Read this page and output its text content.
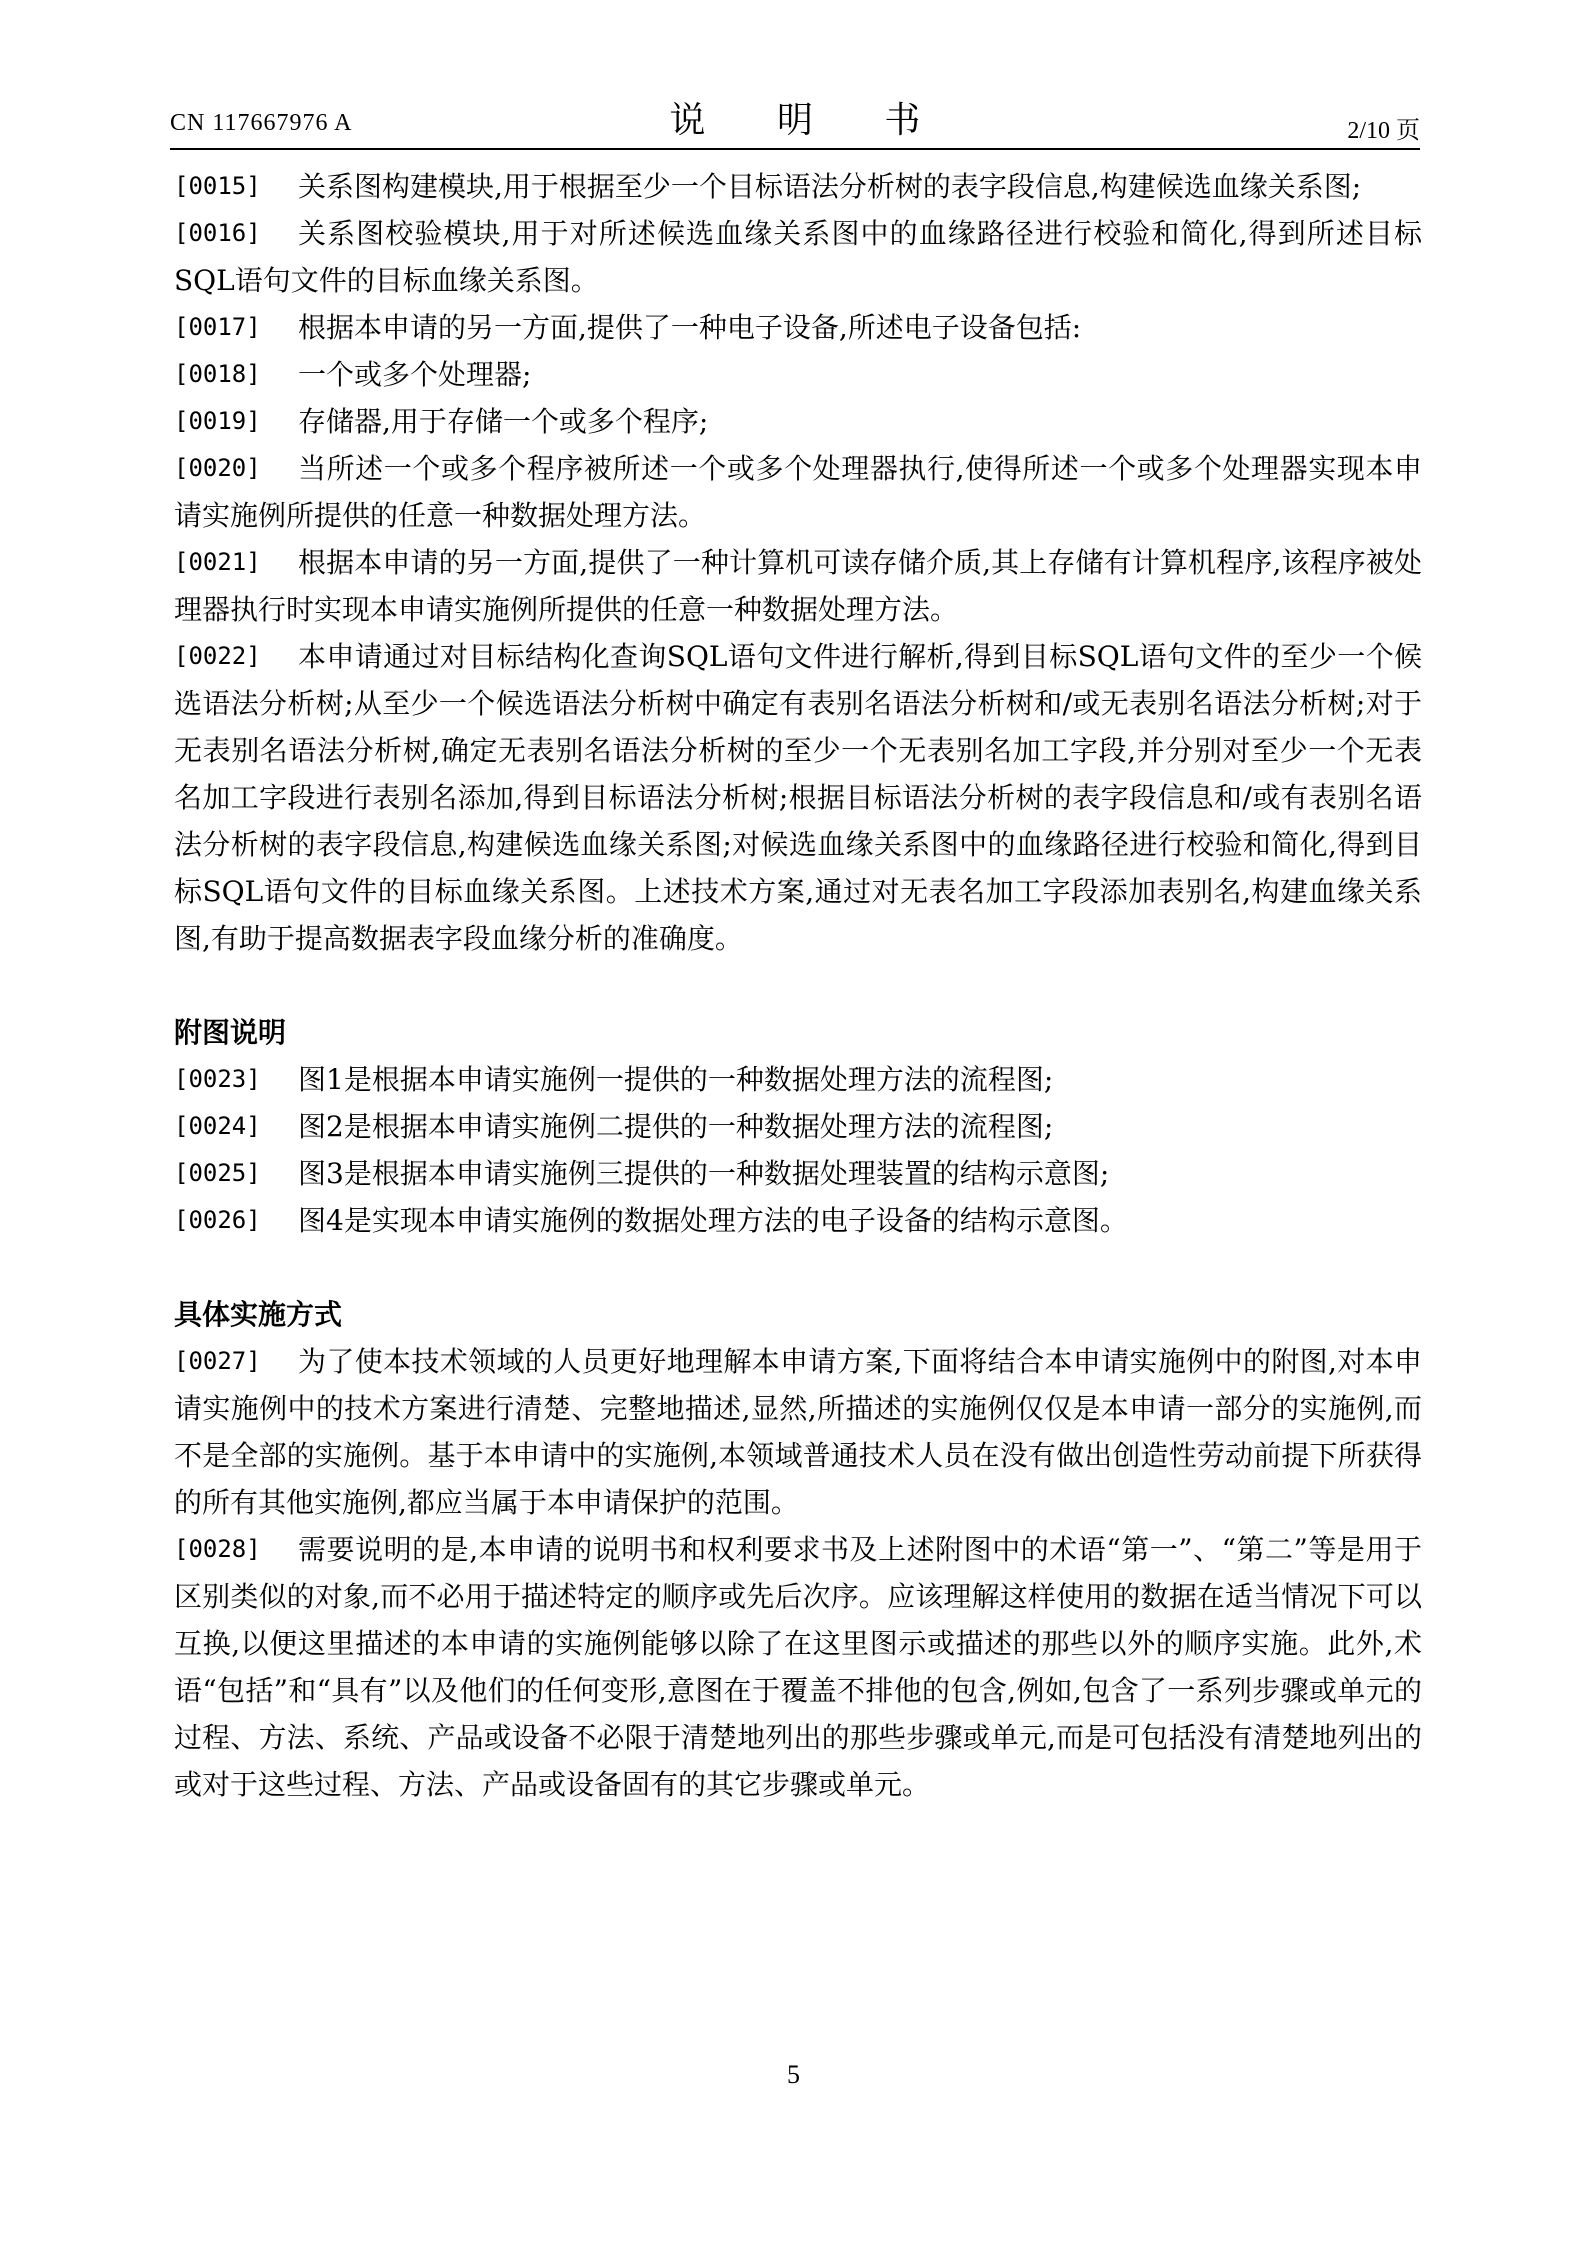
CN 117667976 A	说 明 书	2/10 页
[0015]	关系图构建模块,用于根据至少一个目标语法分析树的表字段信息,构建候选血缘关系图;
[0016]	关系图校验模块,用于对所述候选血缘关系图中的血缘路径进行校验和简化,得到所述目标SQL语句文件的目标血缘关系图。
[0017]	根据本申请的另一方面,提供了一种电子设备,所述电子设备包括:
[0018]	一个或多个处理器;
[0019]	存储器,用于存储一个或多个程序;
[0020]	当所述一个或多个程序被所述一个或多个处理器执行,使得所述一个或多个处理器实现本申请实施例所提供的任意一种数据处理方法。
[0021]	根据本申请的另一方面,提供了一种计算机可读存储介质,其上存储有计算机程序,该程序被处理器执行时实现本申请实施例所提供的任意一种数据处理方法。
[0022]	本申请通过对目标结构化查询SQL语句文件进行解析,得到目标SQL语句文件的至少一个候选语法分析树;从至少一个候选语法分析树中确定有表别名语法分析树和/或无表别名语法分析树;对于无表别名语法分析树,确定无表别名语法分析树的至少一个无表别名加工字段,并分别对至少一个无表名加工字段进行表别名添加,得到目标语法分析树;根据目标语法分析树的表字段信息和/或有表别名语法分析树的表字段信息,构建候选血缘关系图;对候选血缘关系图中的血缘路径进行校验和简化,得到目标SQL语句文件的目标血缘关系图。上述技术方案,通过对无表名加工字段添加表别名,构建血缘关系图,有助于提高数据表字段血缘分析的准确度。
附图说明
[0023]	图1是根据本申请实施例一提供的一种数据处理方法的流程图;
[0024]	图2是根据本申请实施例二提供的一种数据处理方法的流程图;
[0025]	图3是根据本申请实施例三提供的一种数据处理装置的结构示意图;
[0026]	图4是实现本申请实施例的数据处理方法的电子设备的结构示意图。
具体实施方式
[0027]	为了使本技术领域的人员更好地理解本申请方案,下面将结合本申请实施例中的附图,对本申请实施例中的技术方案进行清楚、完整地描述,显然,所描述的实施例仅仅是本申请一部分的实施例,而不是全部的实施例。基于本申请中的实施例,本领域普通技术人员在没有做出创造性劳动前提下所获得的所有其他实施例,都应当属于本申请保护的范围。
[0028]	需要说明的是,本申请的说明书和权利要求书及上述附图中的术语“第一”、“第二”等是用于区别类似的对象,而不必用于描述特定的顺序或先后次序。应该理解这样使用的数据在适当情况下可以互换,以便这里描述的本申请的实施例能够以除了在这里图示或描述的那些以外的顺序实施。此外,术语“包括”和“具有”以及他们的任何变形,意图在于覆盖不排他的包含,例如,包含了一系列步骤或单元的过程、方法、系统、产品或设备不必限于清楚地列出的那些步骤或单元,而是可包括没有清楚地列出的或对于这些过程、方法、产品或设备固有的其它步骤或单元。
5
